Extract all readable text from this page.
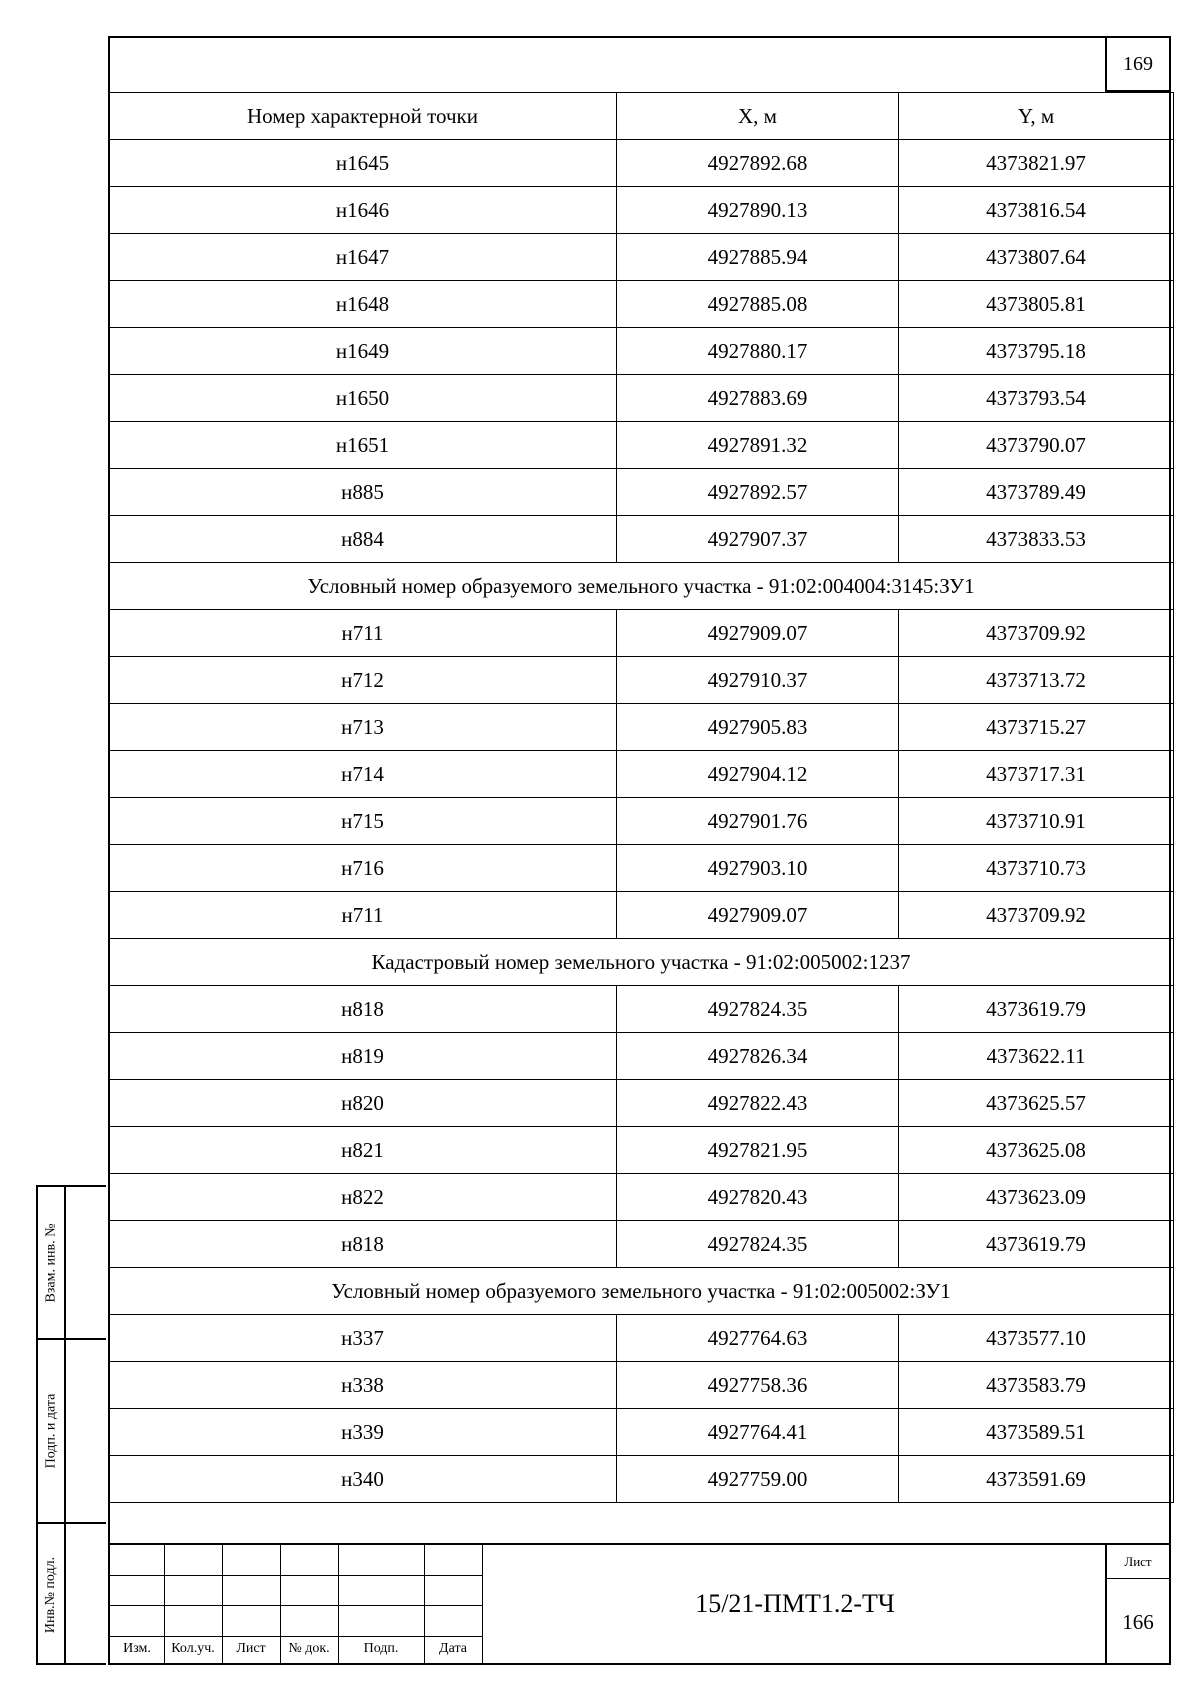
169
Номер характерной точки	X, м	Y, м
н1645	4927892.68	4373821.97
н1646	4927890.13	4373816.54
н1647	4927885.94	4373807.64
н1648	4927885.08	4373805.81
н1649	4927880.17	4373795.18
н1650	4927883.69	4373793.54
н1651	4927891.32	4373790.07
н885	4927892.57	4373789.49
н884	4927907.37	4373833.53
Условный номер образуемого земельного участка - 91:02:004004:3145:ЗУ1		
н711	4927909.07	4373709.92
н712	4927910.37	4373713.72
н713	4927905.83	4373715.27
н714	4927904.12	4373717.31
н715	4927901.76	4373710.91
н716	4927903.10	4373710.73
н711	4927909.07	4373709.92
Кадастровый номер земельного участка - 91:02:005002:1237		
н818	4927824.35	4373619.79
н819	4927826.34	4373622.11
н820	4927822.43	4373625.57
н821	4927821.95	4373625.08
н822	4927820.43	4373623.09
н818	4927824.35	4373619.79
Условный номер образуемого земельного участка - 91:02:005002:ЗУ1		
н337	4927764.63	4373577.10
н338	4927758.36	4373583.79
н339	4927764.41	4373589.51
н340	4927759.00	4373591.69
Изм.	Кол.уч.	Лист	№ док.	Подп.	Дата
15/21-ПМТ1.2-ТЧ
Лист
166
Взам. инв. №
Подп. и дата
Инв.№ подл.
